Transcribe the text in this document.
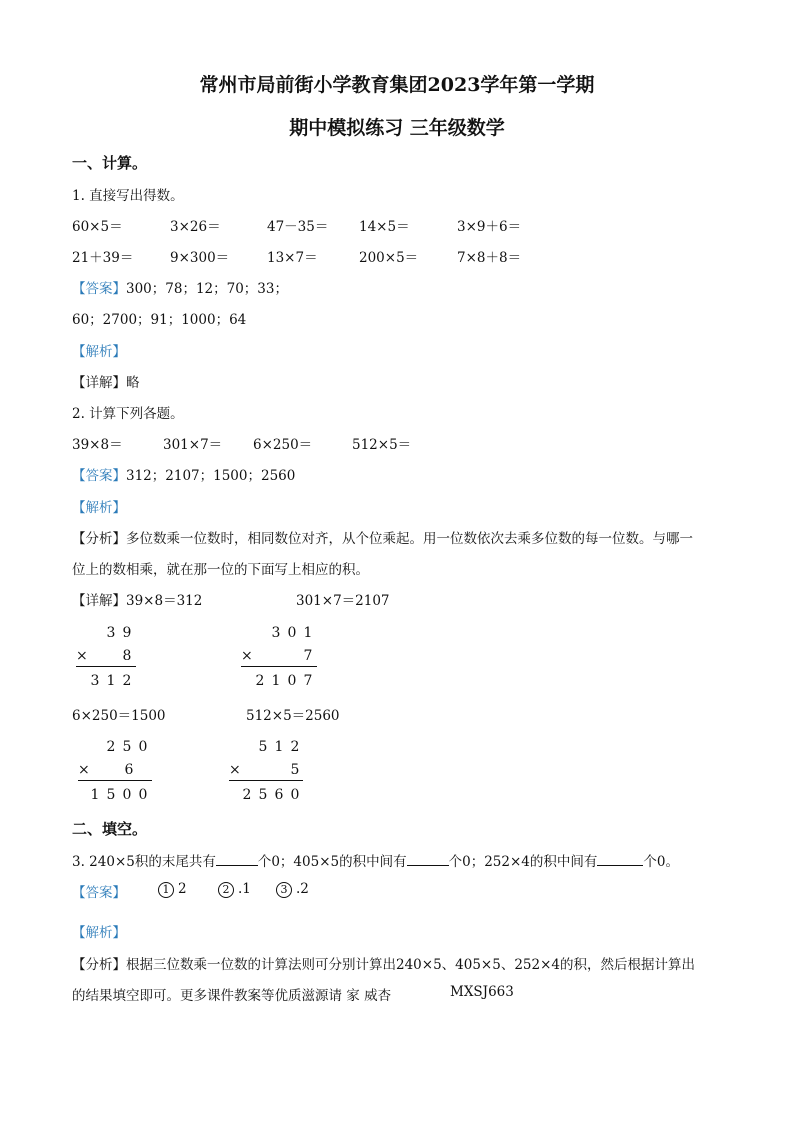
常州市局前街小学教育集团2023学年第一学期
期中模拟练习 三年级数学
一、计算。
1. 直接写出得数。
60×5＝	3×26＝	47－35＝ 14×5＝	3×9＋6＝
21＋39＝	9×300＝	13×7＝	200×5＝	7×8＋8＝
【答案】300；78；12；70；33；
60；2700；91；1000；64
【解析】
【详解】略
2. 计算下列各题。
39×8＝	301×7＝ 6×250＝	512×5＝
【答案】312；2107；1500；2560
【解析】
【分析】多位数乘一位数时，相同数位对齐，从个位乘起。用一位数依次去乘多位数的每一位数。与哪一
位上的数相乘，就在那一位的下面写上相应的积。
【详解】39×8＝312	301×7＝2107
3 9
× 8
3 1 2
3 0 1
×	7
2 1 0 7
6×250＝1500	512×5＝2560
2 5 0
× 6
1 5 0 0
5 1 2
×	5
2 5 6 0
二、填空。
3. 240×5积的末尾共有	个0；405×5的积中间有	个0；252×4的积中间有	个0。
【答案】	1 2	2 .1	3 .2
【解析】
【分析】根据三位数乘一位数的计算法则可分别计算出240×5、405×5、252×4的积，然后根据计算出
的结果填空即可。更多课件教案等优质滋源请 家 威杏	MXSJ663
